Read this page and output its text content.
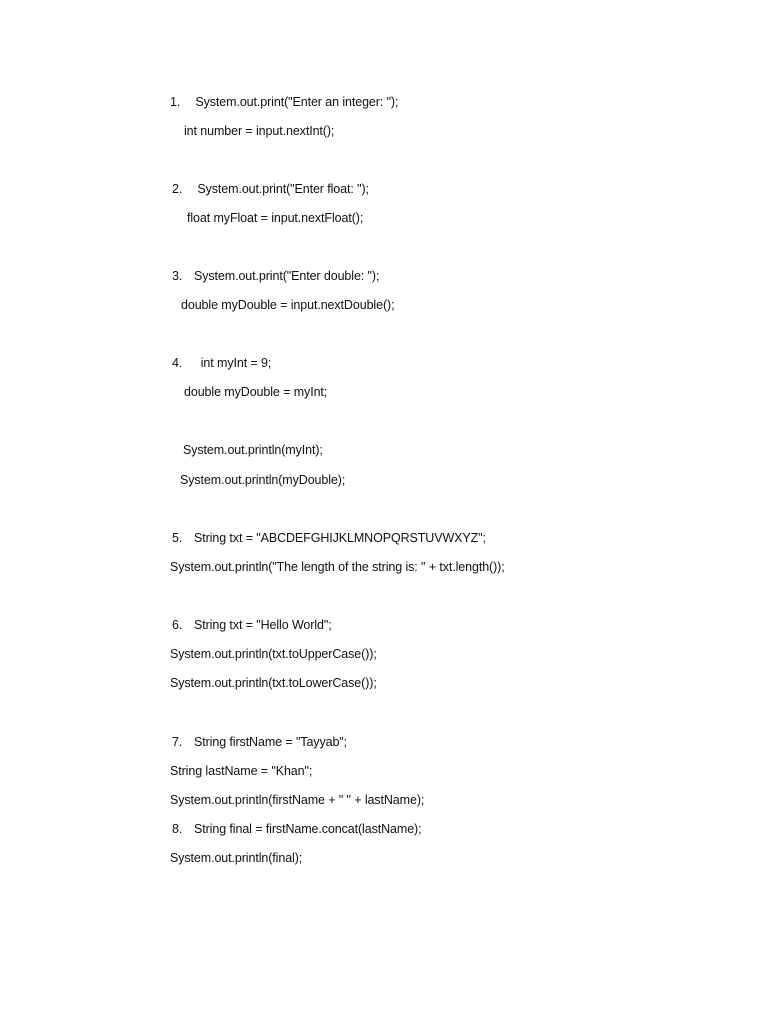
1. System.out.print("Enter an integer: ");
int number = input.nextInt();
2. System.out.print("Enter float: ");
float myFloat = input.nextFloat();
3. System.out.print("Enter double: ");
double myDouble = input.nextDouble();
4. int myInt = 9;
double myDouble = myInt;
System.out.println(myInt);
System.out.println(myDouble);
5. String txt = "ABCDEFGHIJKLMNOPQRSTUVWXYZ";
System.out.println("The length of the string is: " + txt.length());
6. String txt = "Hello World";
System.out.println(txt.toUpperCase());
System.out.println(txt.toLowerCase());
7. String firstName = "Tayyab";
String lastName = "Khan";
System.out.println(firstName + " " + lastName);
8. String final = firstName.concat(lastName);
System.out.println(final);
